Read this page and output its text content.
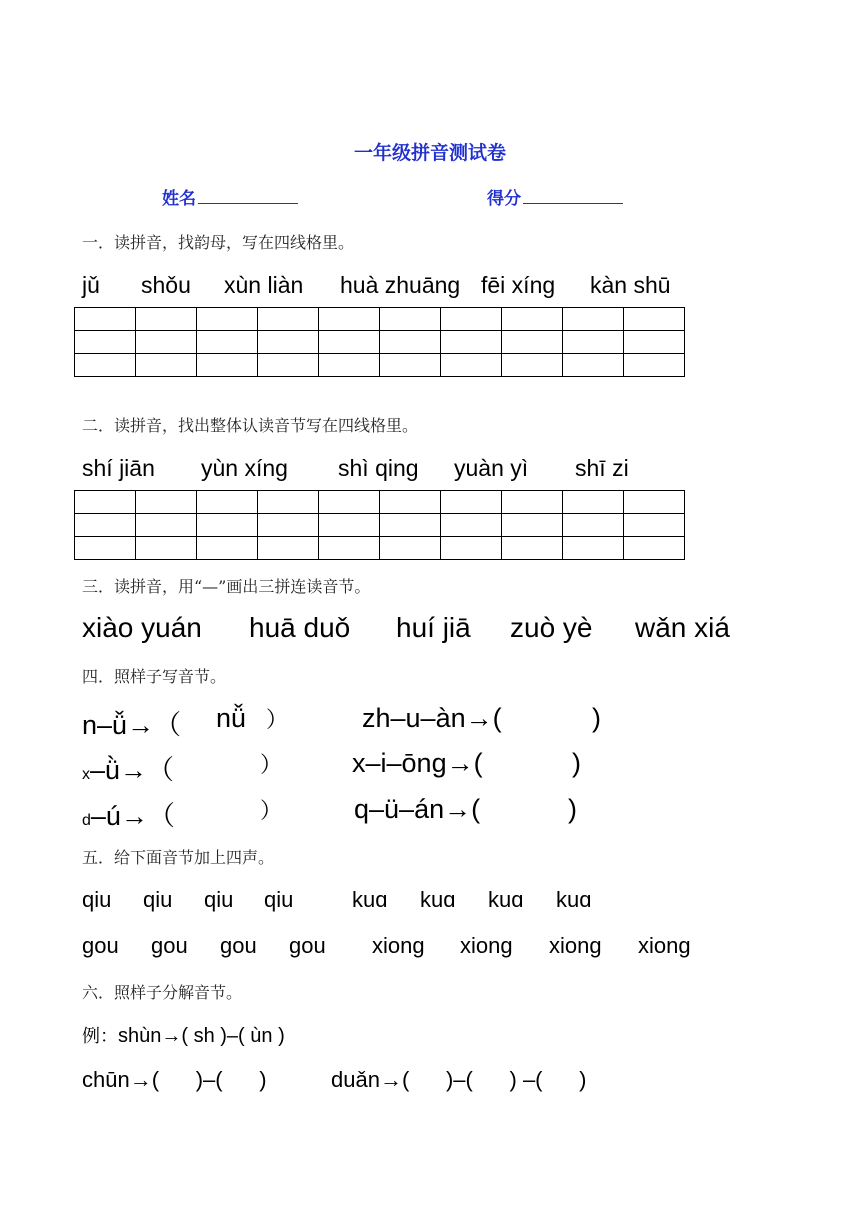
一年级拼音测试卷
姓名	得分
一．读拼音，找韵母，写在四线格里。
jǔ shǒu xùn liàn huà zhuāng fēi xíng kàn shū

二．读拼音，找出整体认读音节写在四线格里。
shí jiān yùn xíng shì qing yuàn yì shī zi

三．读拼音，用“—”画出三拼连读音节。
xiào yuán huā duǒ huí jiā zuò yè wǎn xiá
四．照样子写音节。
n–ǚ→（ nǚ ）	zh–u–àn→(	)
x–ǜ→（	）	x–i–ōng→(	)
d–ú→（	）	q–ü–án→(	)
五．给下面音节加上四声。
qiu qiu qiu qiu	kuɑ kuɑ kuɑ kuɑ
gou gou gou gou xiong xiong xiong xiong
六．照样子分解音节。
例：shùn→( sh )–( ùn )
chūn→(      )–(      )	duǎn→(      )–(      ) –(      )
